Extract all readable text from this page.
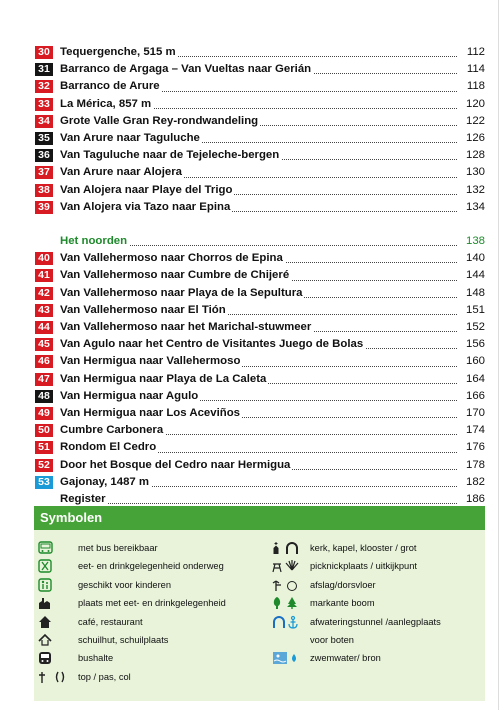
30 Tequergenche, 515 m	112
31 Barranco de Argaga – Van Vueltas naar Gerián	114
32 Barranco de Arure	118
33 La Mérica, 857 m	120
34 Grote Valle Gran Rey-rondwandeling	122
35 Van Arure naar Taguluche	126
36 Van Taguluche naar de Tejeleche-bergen	128
37 Van Arure naar Alojera	130
38 Van Alojera naar Playe del Trigo	132
39 Van Alojera via Tazo naar Epina	134
Het noorden	138
40 Van Vallehermoso naar Chorros de Epina	140
41 Van Vallehermoso naar Cumbre de Chijeré	144
42 Van Vallehermoso naar Playa de la Sepultura	148
43 Van Vallehermoso naar El Tión	151
44 Van Vallehermoso naar het Marichal-stuwmeer	152
45 Van Agulo naar het Centro de Visitantes Juego de Bolas	156
46 Van Hermigua naar Vallehermoso	160
47 Van Hermigua naar Playa de La Caleta	164
48 Van Hermigua naar Agulo	166
49 Van Hermigua naar Los Aceviños	170
50 Cumbre Carbonera	174
51 Rondom El Cedro	176
52 Door het Bosque del Cedro naar Hermigua	178
53 Gajonay, 1487 m	182
Register	186
Symbolen
met bus bereikbaar
eet- en drinkgelegenheid onderweg
geschikt voor kinderen
plaats met eet- en drinkgelegenheid
café, restaurant
schuilhut, schuilplaats
bushalte
top / pas, col
kerk, kapel, klooster / grot
picknickplaats / uitkijkpunt
afslag/dorsvloer
markante boom
afwateringstunnel /aanlegplaats
voor boten
zwemwater/ bron
